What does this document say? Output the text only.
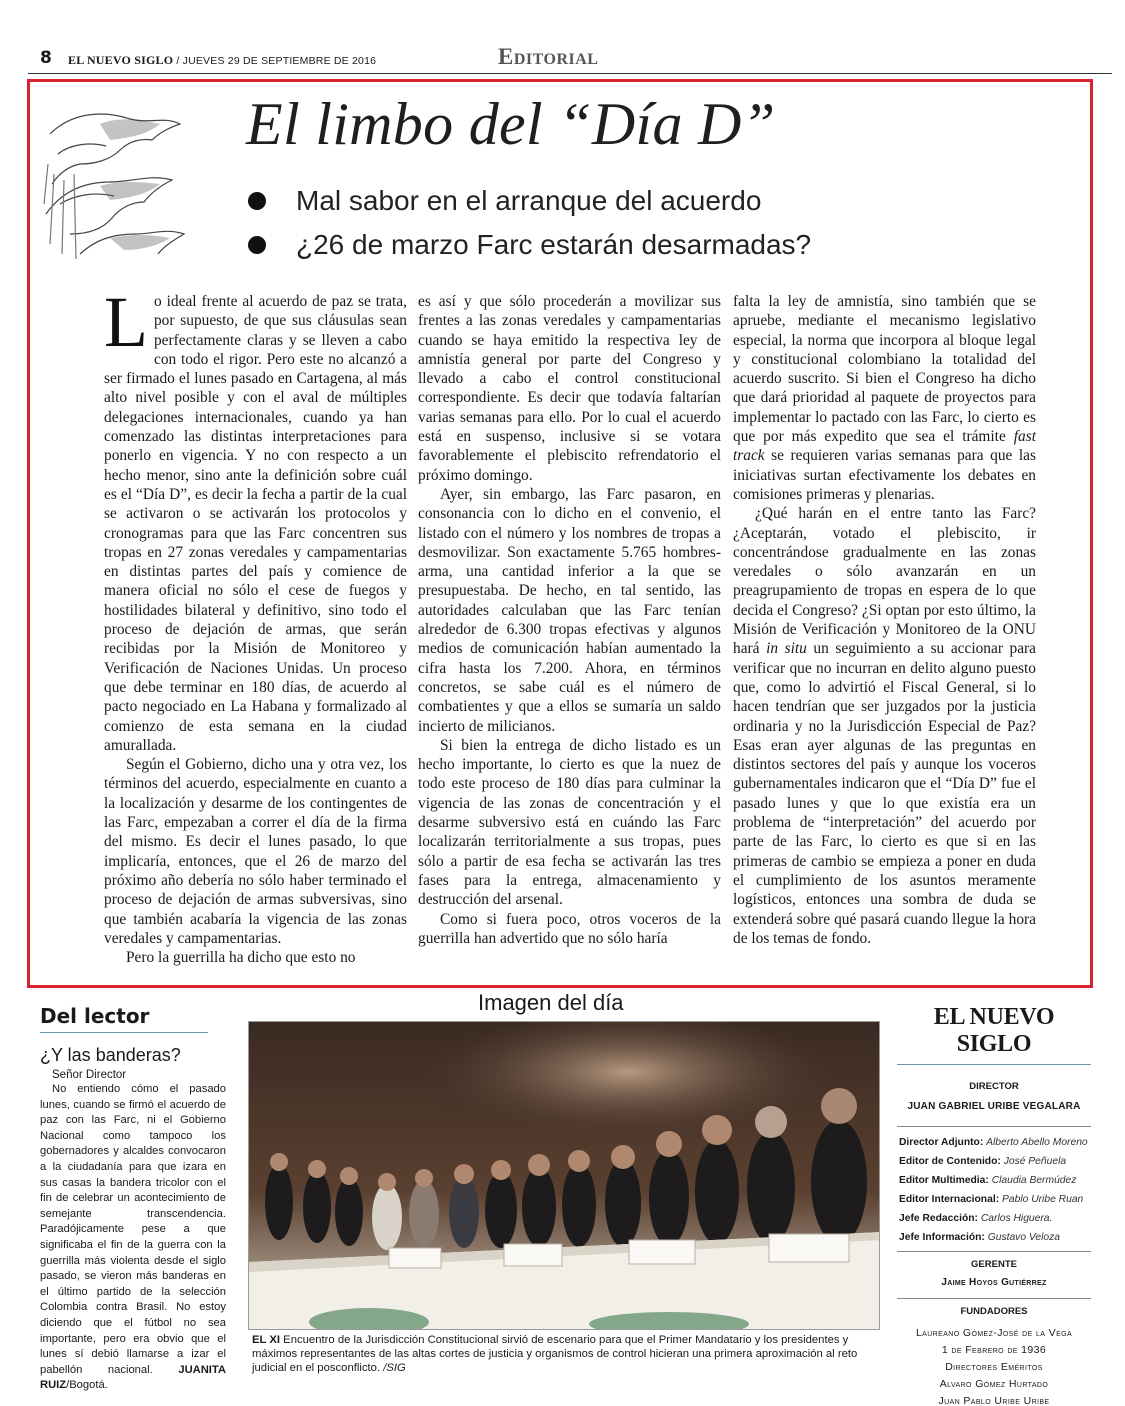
8 EL NUEVO SIGLO / JUEVES 29 DE SEPTIEMBRE DE 2016	Editorial
El limbo del “Día D”
Mal sabor en el arranque del acuerdo
¿26 de marzo Farc estarán desarmadas?

Lo ideal frente al acuerdo de paz se trata, por supuesto, de que sus cláusulas sean perfectamente claras y se lleven a cabo con todo el rigor. Pero este no alcanzó a ser firmado el lunes pasado en Cartagena, al más alto nivel posible y con el aval de múltiples delegaciones internacionales, cuando ya han comenzado las distintas interpretaciones para ponerlo en vigencia. Y no con respecto a un hecho menor, sino ante la definición sobre cuál es el “Día D”, es decir la fecha a partir de la cual se activaron o se activarán los protocolos y cronogramas para que las Farc concentren sus tropas en 27 zonas veredales y campamentarias en distintas partes del país y comience de manera oficial no sólo el cese de fuegos y hostilidades bilateral y definitivo, sino todo el proceso de dejación de armas, que serán recibidas por la Misión de Monitoreo y Verificación de Naciones Unidas. Un proceso que debe terminar en 180 días, de acuerdo al pacto negociado en La Habana y formalizado al comienzo de esta semana en la ciudad amurallada.

Según el Gobierno, dicho una y otra vez, los términos del acuerdo, especialmente en cuanto a la localización y desarme de los contingentes de las Farc, empezaban a correr el día de la firma del mismo. Es decir el lunes pasado, lo que implicaría, entonces, que el 26 de marzo del próximo año debería no sólo haber terminado el proceso de dejación de armas subversivas, sino que también acabaría la vigencia de las zonas veredales y campamentarias.

Pero la guerrilla ha dicho que esto no

es así y que sólo procederán a movilizar sus frentes a las zonas veredales y campamentarias cuando se haya emitido la respectiva ley de amnistía general por parte del Congreso y llevado a cabo el control constitucional correspondiente. Es decir que todavía faltarían varias semanas para ello. Por lo cual el acuerdo está en suspenso, inclusive si se votara favorablemente el plebiscito refrendatorio el próximo domingo.

Ayer, sin embargo, las Farc pasaron, en consonancia con lo dicho en el convenio, el listado con el número y los nombres de tropas a desmovilizar. Son exactamente 5.765 hombres-arma, una cantidad inferior a la que se presupuestaba. De hecho, en tal sentido, las autoridades calculaban que las Farc tenían alrededor de 6.300 tropas efectivas y algunos medios de comunicación habían aumentado la cifra hasta los 7.200. Ahora, en términos concretos, se sabe cuál es el número de combatientes y que a ellos se sumaría un saldo incierto de milicianos.

Si bien la entrega de dicho listado es un hecho importante, lo cierto es que la nuez de todo este proceso de 180 días para culminar la vigencia de las zonas de concentración y el desarme subversivo está en cuándo las Farc localizarán territorialmente a sus tropas, pues sólo a partir de esa fecha se activarán las tres fases para la entrega, almacenamiento y destrucción del arsenal.

Como si fuera poco, otros voceros de la guerrilla han advertido que no sólo haría

falta la ley de amnistía, sino también que se apruebe, mediante el mecanismo legislativo especial, la norma que incorpora al bloque legal y constitucional colombiano la totalidad del acuerdo suscrito. Si bien el Congreso ha dicho que dará prioridad al paquete de proyectos para implementar lo pactado con las Farc, lo cierto es que por más expedito que sea el trámite fast track se requieren varias semanas para que las iniciativas surtan efectivamente los debates en comisiones primeras y plenarias.

¿Qué harán en el entre tanto las Farc? ¿Aceptarán, votado el plebiscito, ir concentrándose gradualmente en las zonas veredales o sólo avanzarán en un preagrupamiento de tropas en espera de lo que decida el Congreso? ¿Si optan por esto último, la Misión de Verificación y Monitoreo de la ONU hará in situ un seguimiento a su accionar para verificar que no incurran en delito alguno puesto que, como lo advirtió el Fiscal General, si lo hacen tendrían que ser juzgados por la justicia ordinaria y no la Jurisdicción Especial de Paz? Esas eran ayer algunas de las preguntas en distintos sectores del país y aunque los voceros gubernamentales indicaron que el “Día D” fue el pasado lunes y que lo que existía era un problema de “interpretación” del acuerdo por parte de las Farc, lo cierto es que si en las primeras de cambio se empieza a poner en duda el cumplimiento de los asuntos meramente logísticos, entonces una sombra de duda se extenderá sobre qué pasará cuando llegue la hora de los temas de fondo.

Del lector
¿Y las banderas?
Señor Director
No entiendo cómo el pasado lunes, cuando se firmó el acuerdo de paz con las Farc, ni el Gobierno Nacional como tampoco los gobernadores y alcaldes convocaron a la ciudadanía para que izara en sus casas la bandera tricolor con el fin de celebrar un acontecimiento de semejante transcendencia. Paradójicamente pese a que significaba el fin de la guerra con la guerrilla más violenta desde el siglo pasado, se vieron más banderas en el último partido de la selección Colombia contra Brasil. No estoy diciendo que el fútbol no sea importante, pero era obvio que el lunes sí debió llamarse a izar el pabellón nacional. JUANITA RUIZ/Bogotá.
Imagen del día
EL XI Encuentro de la Jurisdicción Constitucional sirvió de escenario para que el Primer Mandatario y los presidentes y máximos representantes de las altas cortes de justicia y organismos de control hicieran una primera aproximación al reto judicial en el posconflicto. /SIG
EL NUEVO SIGLO
DIRECTOR
JUAN GABRIEL URIBE VEGALARA
Director Adjunto: Alberto Abello Moreno
Editor de Contenido: José Peñuela
Editor Multimedia: Claudia Bermúdez
Editor Internacional: Pablo Uribe Ruan
Jefe Redacción: Carlos Higuera.
Jefe Información: Gustavo Veloza
GERENTE
Jaime Hoyos Gutiérrez
FUNDADORES
Laureano Gómez-José de la Vega
1 de Febrero de 1936
Directores Eméritos
Alvaro Gómez Hurtado
Juan Pablo Uribe Uribe
